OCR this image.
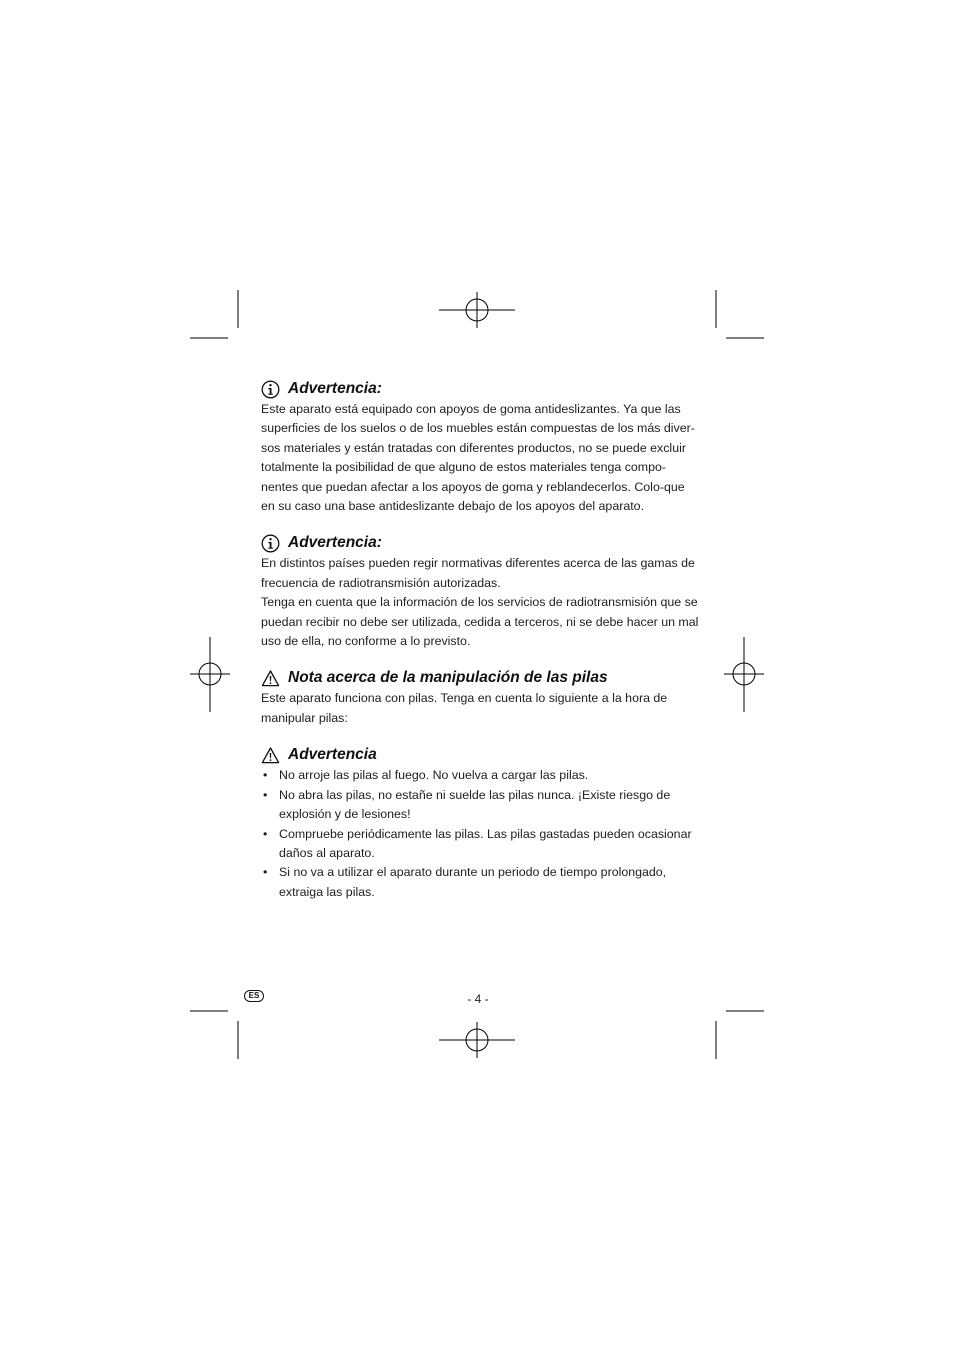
Advertencia:

Este aparato está equipado con apoyos de goma antideslizantes. Ya que las superficies de los suelos o de los muebles están compuestas de los más diver-sos materiales y están tratadas con diferentes productos, no se puede excluir totalmente la posibilidad de que alguno de estos materiales tenga compo-nentes que puedan afectar a los apoyos de goma y reblandecerlos. Colo-que en su caso una base antideslizante debajo de los apoyos del aparato.

Advertencia:

En distintos países pueden regir normativas diferentes acerca de las gamas de frecuencia de radiotransmisión autorizadas.

Tenga en cuenta que la información de los servicios de radiotransmisión que se puedan recibir no debe ser utilizada, cedida a terceros, ni se debe hacer un mal uso de ella, no conforme a lo previsto.

Nota acerca de la manipulación de las pilas

Este aparato funciona con pilas. Tenga en cuenta lo siguiente a la hora de manipular pilas:

Advertencia
• No arroje las pilas al fuego. No vuelva a cargar las pilas.
• No abra las pilas, no estañe ni suelde las pilas nunca. ¡Existe riesgo de explosión y de lesiones!
• Compruebe periódicamente las pilas. Las pilas gastadas pueden ocasionar daños al aparato.
• Si no va a utilizar el aparato durante un periodo de tiempo prolongado, extraiga las pilas.
ES	- 4 -
